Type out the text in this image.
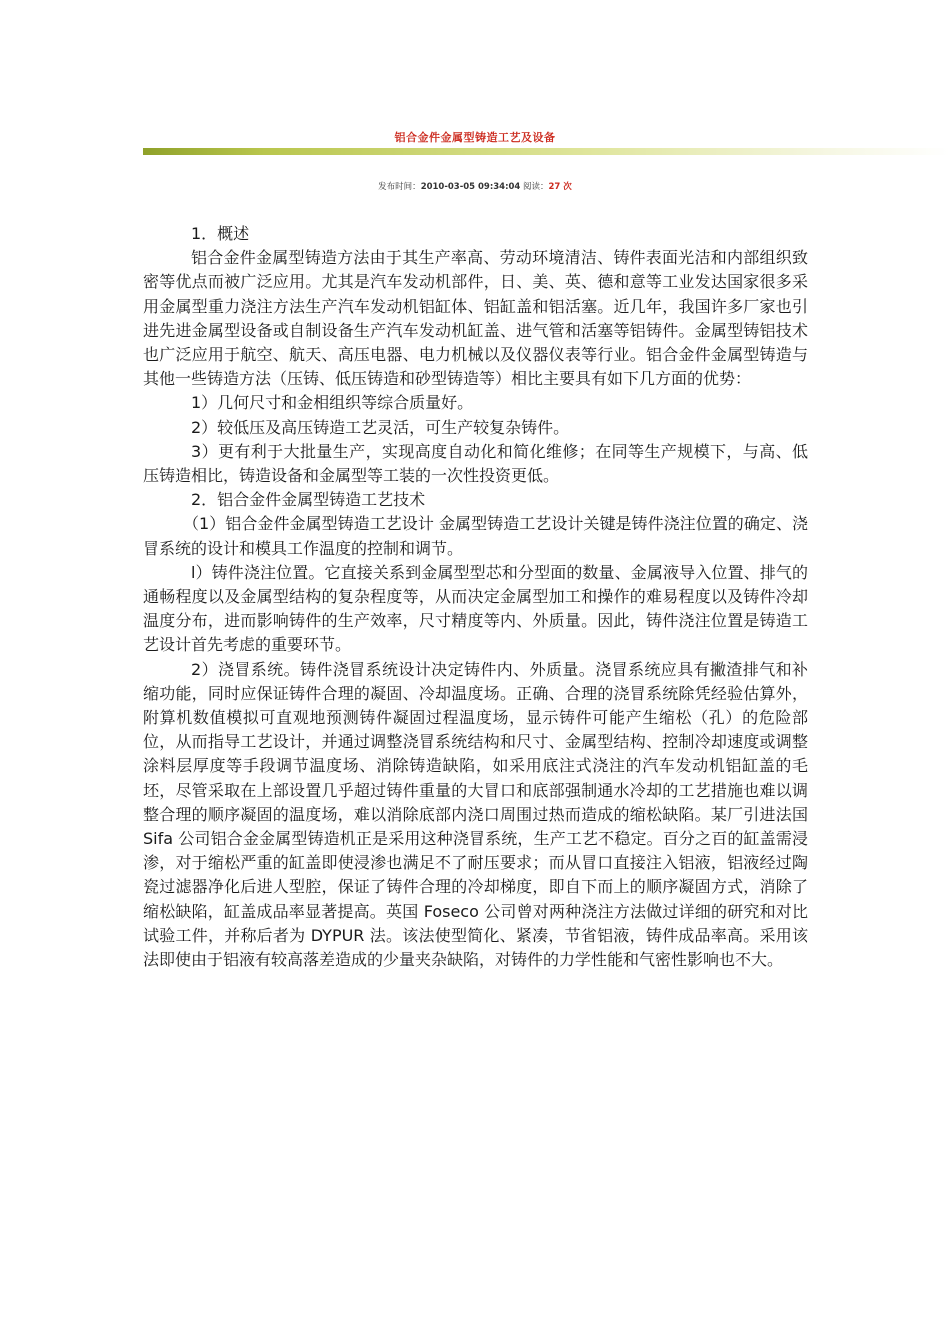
铝合金件金属型铸造工艺及设备
发布时间：2010-03-05 09:34:04 阅读：27 次

1．概述

铝合金件金属型铸造方法由于其生产率高、劳动环境清洁、铸件表面光洁和内部组织致密等优点而被广泛应用。尤其是汽车发动机部件，日、美、英、德和意等工业发达国家很多采用金属型重力浇注方法生产汽车发动机铝缸体、铝缸盖和铝活塞。近几年，我国许多厂家也引进先进金属型设备或自制设备生产汽车发动机缸盖、进气管和活塞等铝铸件。金属型铸铝技术也广泛应用于航空、航天、高压电器、电力机械以及仪器仪表等行业。铝合金件金属型铸造与其他一些铸造方法（压铸、低压铸造和砂型铸造等）相比主要具有如下几方面的优势：

1）几何尺寸和金相组织等综合质量好。

2）较低压及高压铸造工艺灵活，可生产较复杂铸件。

3）更有利于大批量生产，实现高度自动化和简化维修；在同等生产规模下，与高、低压铸造相比，铸造设备和金属型等工装的一次性投资更低。

2．铝合金件金属型铸造工艺技术

（1）铝合金件金属型铸造工艺设计 金属型铸造工艺设计关键是铸件浇注位置的确定、浇冒系统的设计和模具工作温度的控制和调节。

l）铸件浇注位置。它直接关系到金属型型芯和分型面的数量、金属液导入位置、排气的通畅程度以及金属型结构的复杂程度等，从而决定金属型加工和操作的难易程度以及铸件冷却温度分布，进而影响铸件的生产效率，尺寸精度等内、外质量。因此，铸件浇注位置是铸造工艺设计首先考虑的重要环节。

2）浇冒系统。铸件浇冒系统设计决定铸件内、外质量。浇冒系统应具有撇渣排气和补缩功能，同时应保证铸件合理的凝固、冷却温度场。正确、合理的浇冒系统除凭经验估算外，附算机数值模拟可直观地预测铸件凝固过程温度场，显示铸件可能产生缩松（孔）的危险部位，从而指导工艺设计，并通过调整浇冒系统结构和尺寸、金属型结构、控制冷却速度或调整涂料层厚度等手段调节温度场、消除铸造缺陷，如采用底注式浇注的汽车发动机铝缸盖的毛坯，尽管采取在上部设置几乎超过铸件重量的大冒口和底部强制通水冷却的工艺措施也难以调整合理的顺序凝固的温度场，难以消除底部内浇口周围过热而造成的缩松缺陷。某厂引进法国 Sifa 公司铝合金金属型铸造机正是采用这种浇冒系统，生产工艺不稳定。百分之百的缸盖需浸渗，对于缩松严重的缸盖即使浸渗也满足不了耐压要求；而从冒口直接注入铝液，铝液经过陶瓷过滤器净化后进人型腔，保证了铸件合理的冷却梯度，即自下而上的顺序凝固方式，消除了缩松缺陷，缸盖成品率显著提高。英国 Foseco 公司曾对两种浇注方法做过详细的研究和对比试验工件，并称后者为 DYPUR 法。该法使型简化、紧凑，节省铝液，铸件成品率高。采用该法即使由于铝液有较高落差造成的少量夹杂缺陷，对铸件的力学性能和气密性影响也不大。
